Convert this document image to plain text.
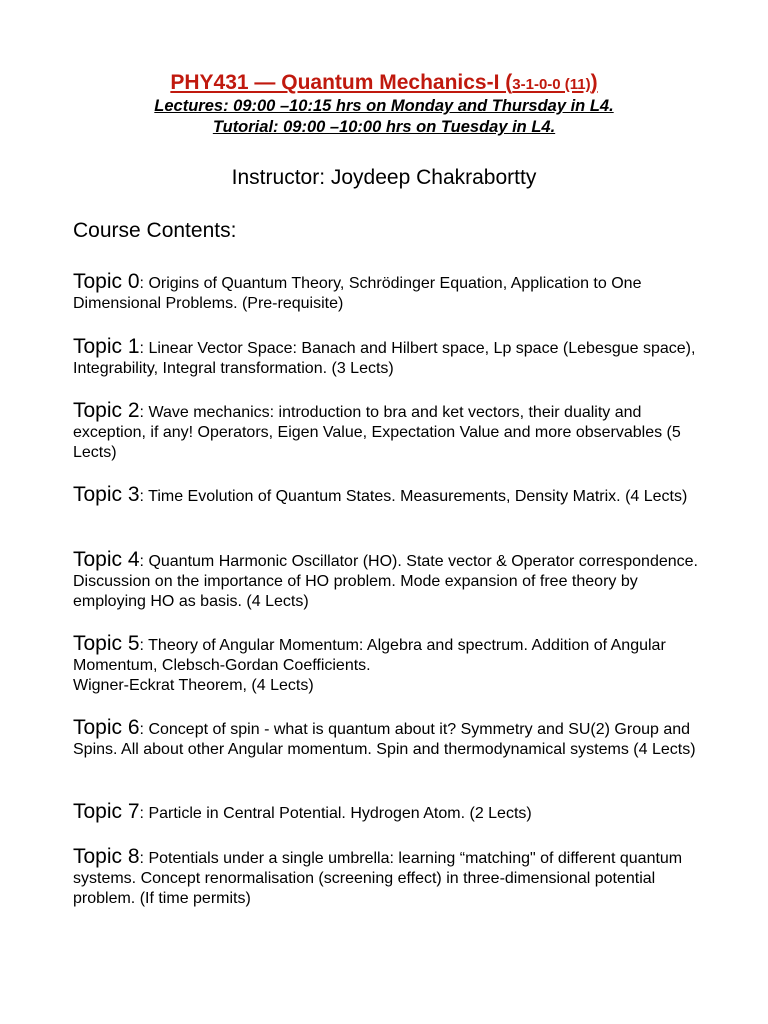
PHY431 — Quantum Mechanics-I (3-1-0-0 (11))
Lectures: 09:00 –10:15 hrs on Monday and Thursday in L4.
Tutorial: 09:00 –10:00 hrs on Tuesday in L4.
Instructor: Joydeep Chakrabortty
Course Contents:
Topic 0: Origins of Quantum Theory, Schrödinger Equation, Application to One Dimensional Problems. (Pre-requisite)
Topic 1: Linear Vector Space: Banach and Hilbert space, Lp space (Lebesgue space), Integrability, Integral transformation. (3 Lects)
Topic 2: Wave mechanics: introduction to bra and ket vectors, their duality and exception, if any! Operators, Eigen Value, Expectation Value and more observables (5 Lects)
Topic 3: Time Evolution of Quantum States. Measurements, Density Matrix. (4 Lects)
Topic 4: Quantum Harmonic Oscillator (HO). State vector & Operator correspondence. Discussion on the importance of HO problem. Mode expansion of free theory by employing HO as basis. (4 Lects)
Topic 5: Theory of Angular Momentum: Algebra and spectrum. Addition of Angular Momentum, Clebsch-Gordan Coefficients.
Wigner-Eckrat Theorem, (4 Lects)
Topic 6: Concept of spin - what is quantum about it? Symmetry and SU(2) Group and Spins. All about other Angular momentum. Spin and thermodynamical systems (4 Lects)
Topic 7: Particle in Central Potential. Hydrogen Atom. (2 Lects)
Topic 8: Potentials under a single umbrella: learning “matching" of different quantum systems. Concept renormalisation (screening effect) in three-dimensional potential problem. (If time permits)
